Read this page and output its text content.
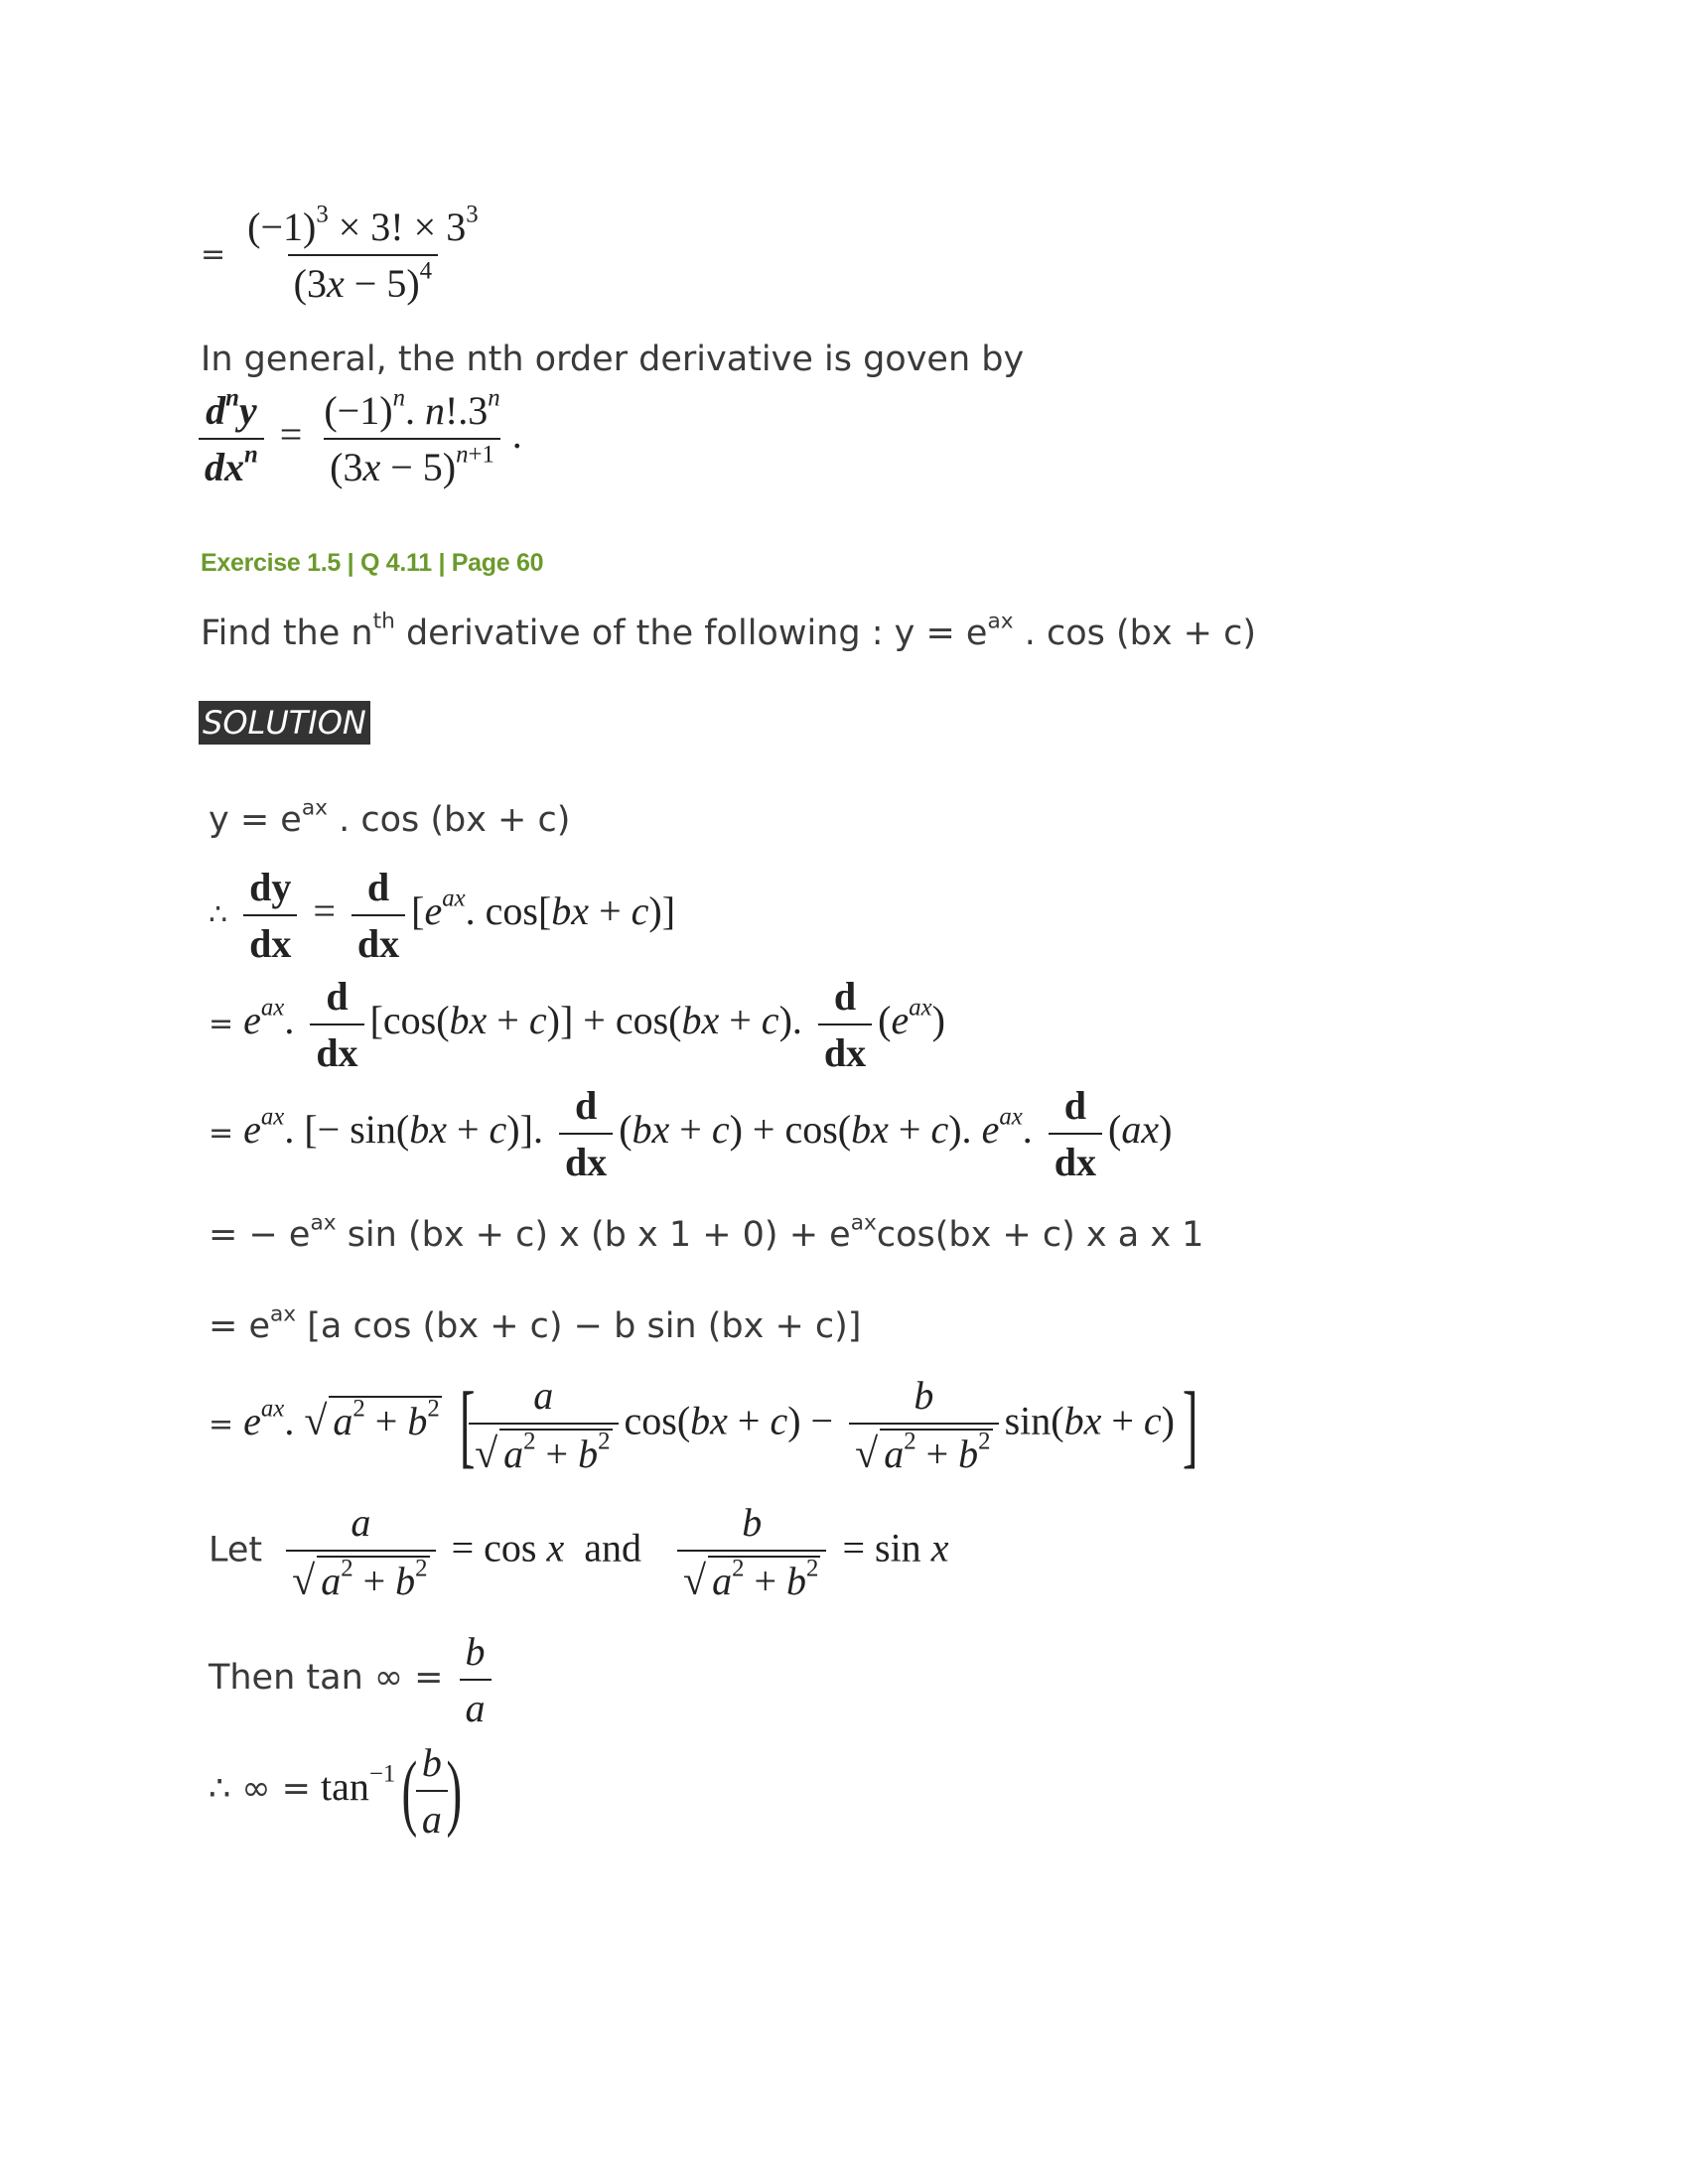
= $\frac{(-1)^3 \times 3! \times 3^3}{(3x - 5)^4}$
In general, the nth order derivative is goven by
$\frac{d^ny}{dx^n} = \frac{(-1)^n. n!.3^n}{(3x - 5)^{n+1}}$ .
Exercise 1.5 | Q 4.11 | Page 60
Find the $n^{th}$ derivative of the following : $y = e^{ax}$ . cos (bx + c)
SOLUTION
$y = e^{ax}$ . cos (bx + c)
∴ $\frac{dy}{dx} = \frac{d}{dx} [e^{ax}$. cos[bx + c)]
= $e^{ax}$. $\frac{d}{dx} [\cos(bx + c)] + \cos(bx + c)$. $\frac{d}{dx} (e^{ax})$
= $e^{ax}$. [− sin(bx + c)]. $\frac{d}{dx} (bx + c) + \cos(bx + c)$. $e^{ax}$. $\frac{d}{dx} (ax)$
= − $e^{ax}$ sin (bx + c) x (b x $1 + 0) + e^{ax}\cos(bx + c)$ x a x 1
= $e^{ax}$ [a cos (bx + c) − b sin (bx + c)]
= $e^{ax}$. √ $a^2 + b^2$ [
$\frac{a}{√ a^2 + b^2} \cos(bx + c) - \frac{b}{√ a^2 + b^2} \sin(bx + c)$]
Let $\frac{a}{√ a^2 + b^2} = \cos x$  and $\frac{b}{√ a^2 + b^2} = \sin x$
Then tan ∞ = $\frac{b}{a}$
∴ ∞ = $\tan^{-1}$(
$\frac{b}{a}$
)
